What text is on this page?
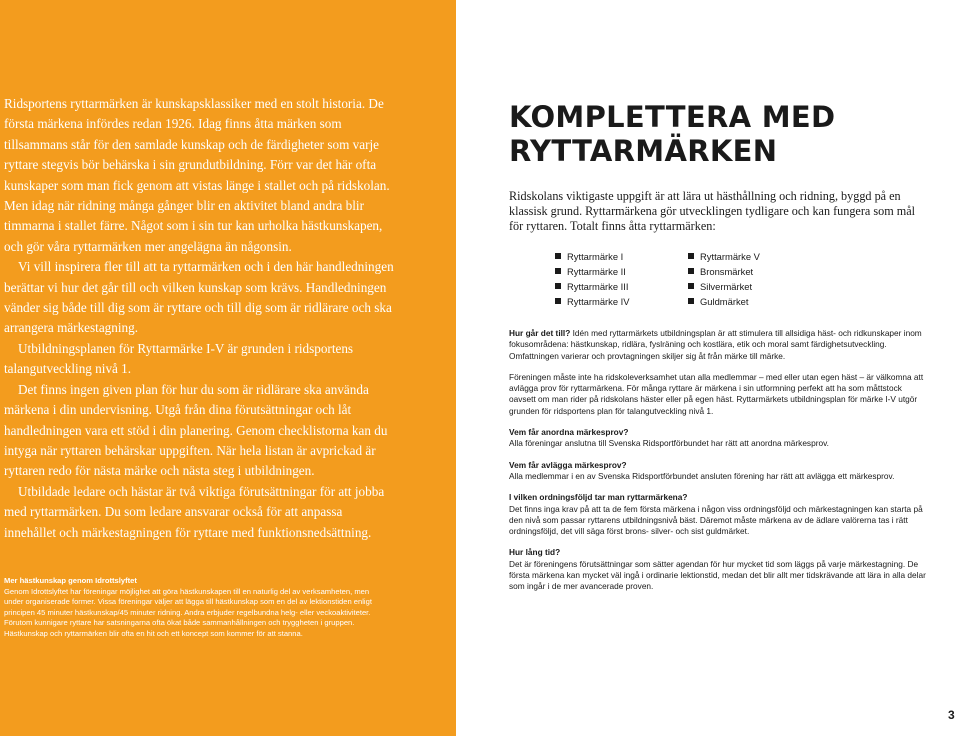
Ridsportens ryttarmärken är kunskapsklassiker med en stolt historia. De första märkena infördes redan 1926. Idag finns åtta märken som tillsammans står för den samlade kunskap och de färdigheter som varje ryttare stegvis bör behärska i sin grundutbildning. Förr var det här ofta kunskaper som man fick genom att vistas länge i stallet och på ridskolan. Men idag när ridning många gånger blir en aktivitet bland andra blir timmarna i stallet färre. Något som i sin tur kan urholka hästkunskapen, och gör våra ryttarmärken mer angelägna än någonsin.

Vi vill inspirera fler till att ta ryttarmärken och i den här handledningen berättar vi hur det går till och vilken kunskap som krävs. Handledningen vänder sig både till dig som är ryttare och till dig som är ridlärare och ska arrangera märkestagning.

Utbildningsplanen för Ryttarmärke I-V är grunden i ridsportens talangutveckling nivå 1.

Det finns ingen given plan för hur du som är ridlärare ska använda märkena i din undervisning. Utgå från dina förutsättningar och låt handledningen vara ett stöd i din planering. Genom checklistorna kan du intyga när ryttaren behärskar uppgiften. När hela listan är avprickad är ryttaren redo för nästa märke och nästa steg i utbildningen.

Utbildade ledare och hästar är två viktiga förutsättningar för att jobba med ryttarmärken. Du som ledare ansvarar också för att anpassa innehållet och märkestagningen för ryttare med funktionsnedsättning.

Mer hästkunskap genom Idrottslyftet
Genom Idrottslyftet har föreningar möjlighet att göra hästkunskapen till en naturlig del av verksamheten, men under organiserade former. Vissa föreningar väljer att lägga till hästkunskap som en del av lektionstiden enligt principen 45 minuter hästkunskap/45 minuter ridning. Andra erbjuder regelbundna helg- eller veckoaktiviteter. Förutom kunnigare ryttare har satsningarna ofta ökat både sammanhållningen och tryggheten i gruppen. Hästkunskap och ryttarmärken blir ofta en hit och ett koncept som kommer för att stanna.
KOMPLETTERA MED
RYTTARMÄRKEN
Ridskolans viktigaste uppgift är att lära ut hästhållning och ridning, byggd på en klassisk grund. Ryttarmärkena gör utvecklingen tydligare och kan fungera som mål för ryttaren. Totalt finns åtta ryttarmärken:
Ryttarmärke I
Ryttarmärke II
Ryttarmärke III
Ryttarmärke IV
Ryttarmärke V
Bronsmärket
Silvermärket
Guldmärket

Hur går det till? Idén med ryttarmärkets utbildningsplan är att stimulera till allsidiga häst- och ridkunskaper inom fokusområdena: hästkunskap, ridlära, fyslräning och kostlära, etik och moral samt färdighetsutveckling. Omfattningen varierar och provtagningen skiljer sig åt från märke till märke.

Föreningen måste inte ha ridskoleverksamhet utan alla medlemmar – med eller utan egen häst – är välkomna att avlägga prov för ryttarmärkena. För många ryttare är märkena i sin utformning perfekt att ha som måttstock oavsett om man rider på ridskolans häster eller på egen häst. Ryttarmärkets utbildningsplan för märke I-V utgör grunden för ridsportens plan för talangutveckling nivå 1.

Vem får anordna märkesprov?
Alla föreningar anslutna till Svenska Ridsportförbundet har rätt att anordna märkesprov.

Vem får avlägga märkesprov?
Alla medlemmar i en av Svenska Ridsportförbundet ansluten förening har rätt att avlägga ett märkesprov.

I vilken ordningsföljd tar man ryttarmärkena?
Det finns inga krav på att ta de fem första märkena i någon viss ordningsföljd och märkestagningen kan starta på den nivå som passar ryttarens utbildningsnivå bäst. Däremot måste märkena av de ädlare valörerna tas i rätt ordningsföljd, det vill säga först brons- silver- och sist guldmärket.

Hur lång tid?
Det är föreningens förutsättningar som sätter agendan för hur mycket tid som läggs på varje märkestagning. De första märkena kan mycket väl ingå i ordinarie lektionstid, medan det blir allt mer tidskrävande att lära in alla delar som ingår i de mer avancerade proven.

3
